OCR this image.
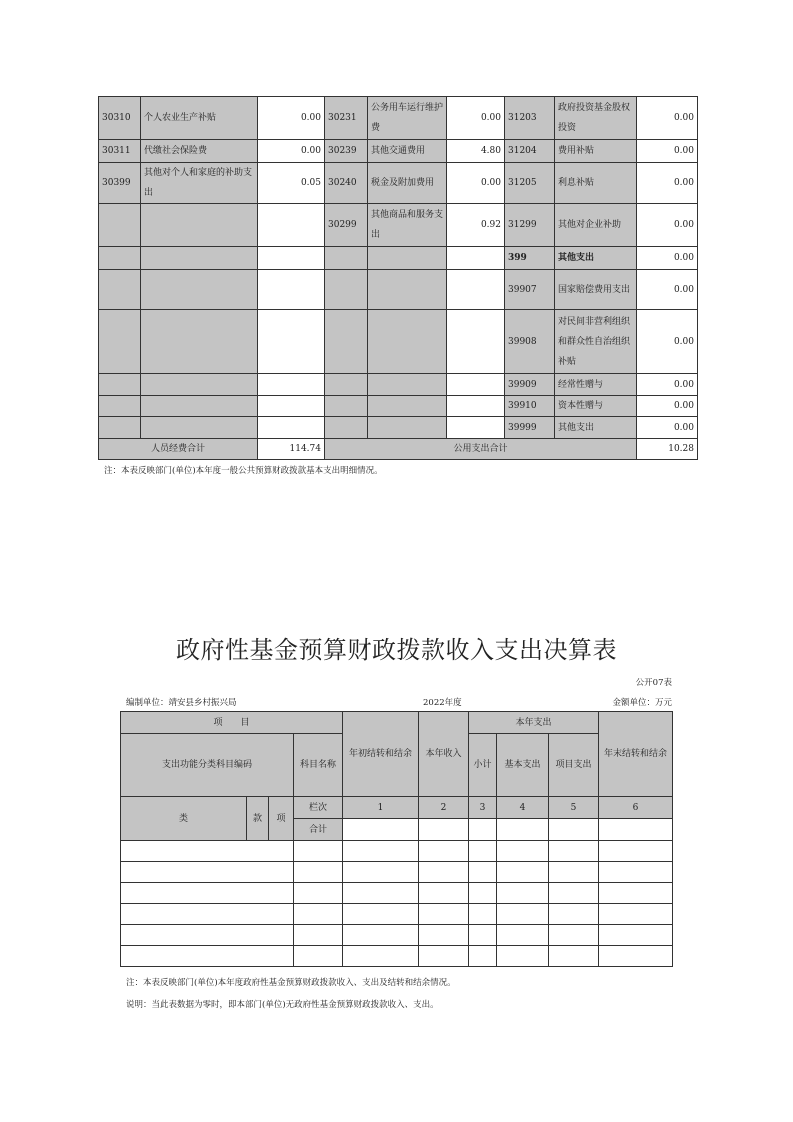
30310	个人农业生产补贴	0.00	30231	公务用车运行维护费	0.00	31203	政府投资基金股权投资	0.00
30311	代缴社会保险费	0.00	30239	其他交通费用	4.80	31204	费用补贴	0.00
30399	其他对个人和家庭的补助支出	0.05	30240	税金及附加费用	0.00	31205	利息补贴	0.00
			30299	其他商品和服务支出	0.92	31299	其他对企业补助	0.00
						399	其他支出	0.00
						39907	国家赔偿费用支出	0.00
						39908	对民间非营利组织和群众性自治组织补贴	0.00
						39909	经常性赠与	0.00
						39910	资本性赠与	0.00
						39999	其他支出	0.00
人员经费合计		114.74	公用支出合计					10.28
注：本表反映部门(单位)本年度一般公共预算财政拨款基本支出明细情况。
政府性基金预算财政拨款收入支出决算表
公开07表
编制单位：靖安县乡村振兴局	2022年度	金额单位：万元
项　　目				年初结转和结余	本年收入	本年支出			年末结转和结余
支出功能分类科目编码			科目名称			小计	基本支出	项目支出	
类	款	项	栏次	1	2	3	4	5	6
			合计						

注：本表反映部门(单位)本年度政府性基金预算财政拨款收入、支出及结转和结余情况。
说明：当此表数据为零时，即本部门(单位)无政府性基金预算财政拨款收入、支出。
